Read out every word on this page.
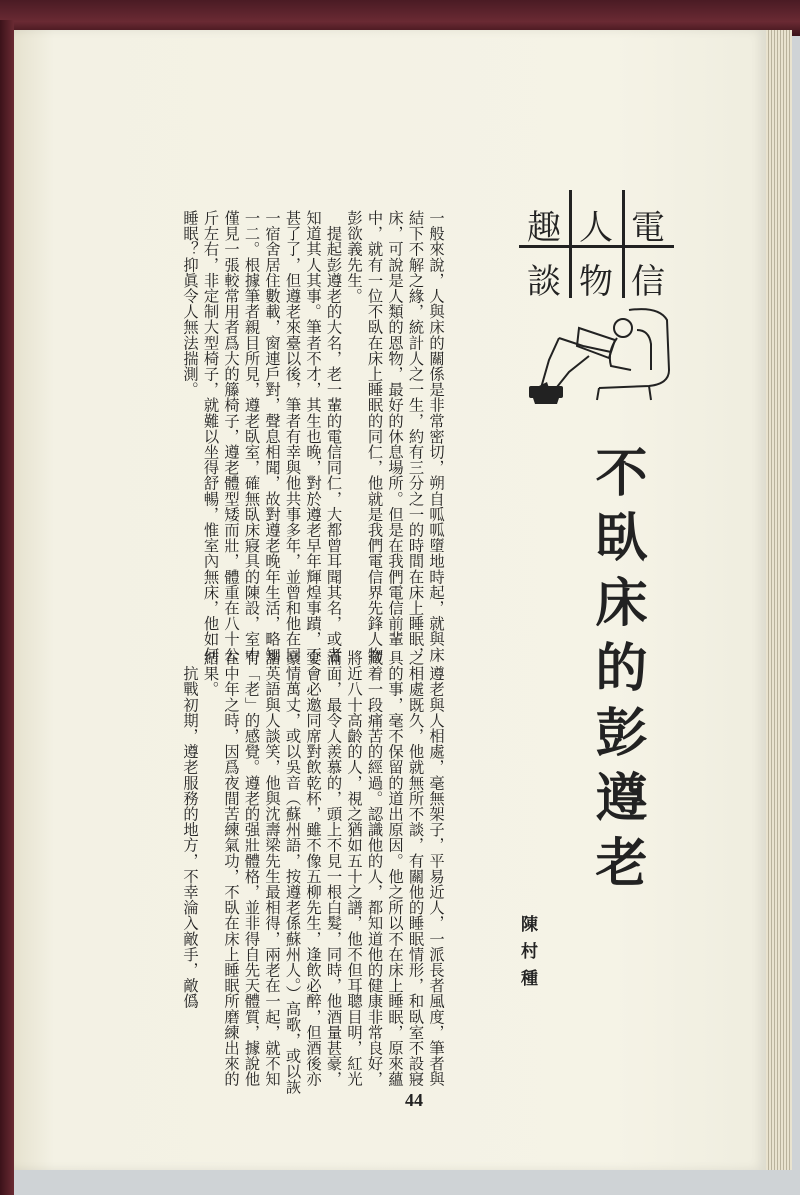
電
人
趣
信
物
談
不臥床的彭遵老
陳村種
一般來說，人與床的關係是非常密切，朔自呱呱墮地時起，就與床結下不解之緣，統計人之一生，約有三分之一的時間在床上睡眠，床，可說是人類的恩物，最好的休息場所。但是在我們電信前輩中，就有一位不臥在床上睡眠的同仁，他就是我們電信界先鋒人物彭欲義先生。
　提起彭遵老的大名，老一輩的電信同仁，大都曾耳聞其名，或者知道其人其事。筆者不才，其生也晚，對於遵老早年輝煌事蹟，不甚了了，但遵老來臺以後，筆者有幸與他共事多年，並曾和他在同一宿舍居住數載，窗連戶對，聲息相聞，故對遵老晚年生活，略知一二。根據筆者親目所見，遵老臥室，確無臥床寢具的陳設，室中僅見一張較常用者爲大的籐椅子，遵老體型矮而壯，體重在八十公斤左右，非定制大型椅子，就難以坐得舒暢，惟室內無床，他如何睡眠？抑眞令人無法揣測。
　遵老與人相處，毫無架子，平易近人，一派長者風度，筆者與之相處既久，他就無所不談，有關他的睡眠情形，和臥室不設寢具的事，毫不保留的道出原因。他之所以不在床上睡眠，原來蘊藏着一段痛苦的經過。認識他的人，都知道他的健康非常良好，將近八十高齡的人，視之猶如五十之譜，他不但耳聰目明，紅光滿面，最令人羨慕的，頭上不見一根白髮，同時，他酒量甚豪，宴會必邀同席對飲乾杯，雖不像五柳先生，逢飲必醉，但酒後亦豪情萬丈，或以吳音（蘇州語，按遵老係蘇州人。）高歌，或以詼諧英語與人談笑，他與沈壽梁先生最相得，兩老在一起，就不知有「老」的感覺。遵老的强壯體格，並非得自先天體質，據說他在中年之時，因爲夜間苦練氣功，不臥在床上睡眠所磨練出來的結果。
　抗戰初期，遵老服務的地方，不幸淪入敵手，敵僞
44
